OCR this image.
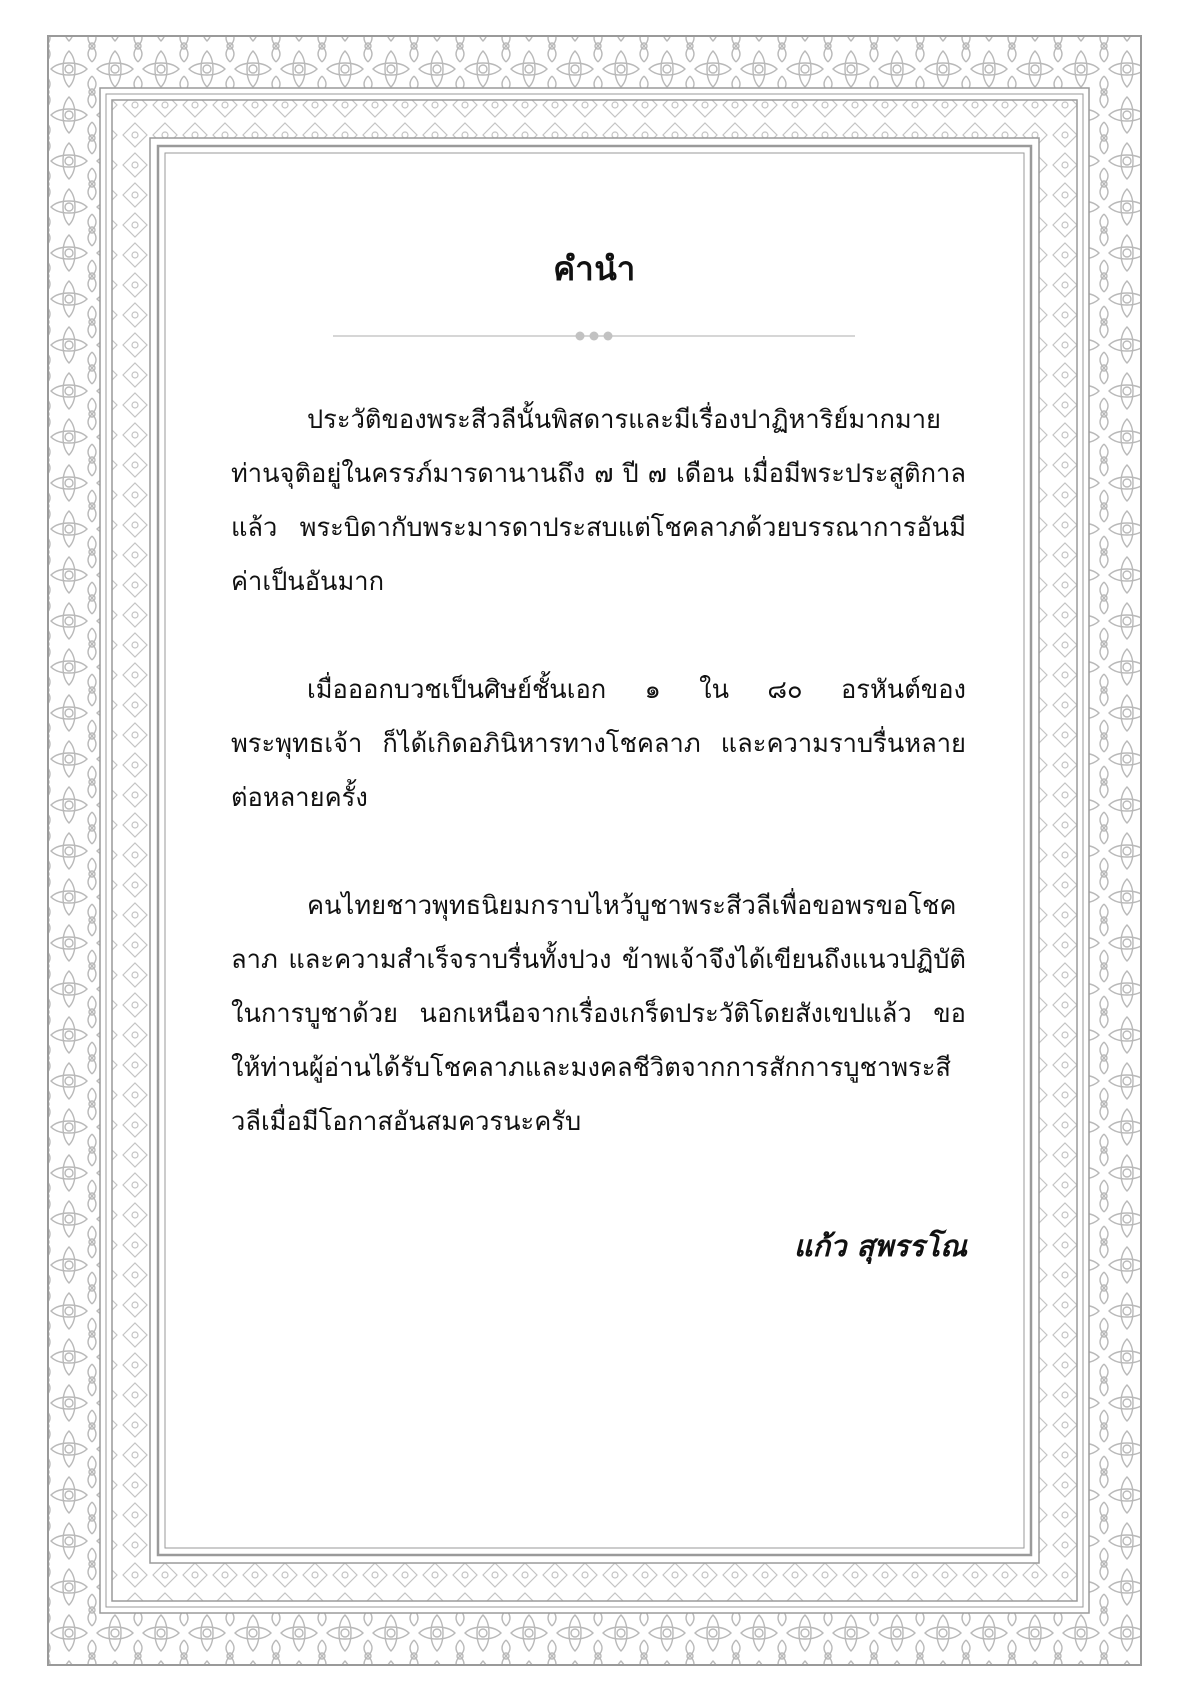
คำนำ

ประวัติของพระสีวลีนั้นพิสดารและมีเรื่องปาฏิหาริย์มากมาย ท่านจุติอยู่ในครรภ์มารดานานถึง ๗ ปี ๗ เดือน เมื่อมีพระประสูติกาลแล้ว พระบิดากับพระมารดาประสบแต่โชคลาภด้วยบรรณาการอันมีค่าเป็นอันมาก

เมื่อออกบวชเป็นศิษย์ชั้นเอก ๑ ใน ๘๐ อรหันต์ของพระพุทธเจ้า ก็ได้เกิดอภินิหารทางโชคลาภ และความราบรื่นหลายต่อหลายครั้ง

คนไทยชาวพุทธนิยมกราบไหว้บูชาพระสีวลีเพื่อขอพรขอโชคลาภ และความสำเร็จราบรื่นทั้งปวง ข้าพเจ้าจึงได้เขียนถึงแนวปฏิบัติในการบูชาด้วย นอกเหนือจากเรื่องเกร็ดประวัติโดยสังเขปแล้ว ขอให้ท่านผู้อ่านได้รับโชคลาภและมงคลชีวิตจากการสักการบูชาพระสีวลีเมื่อมีโอกาสอันสมควรนะครับ

แก้ว สุพรรโณ
